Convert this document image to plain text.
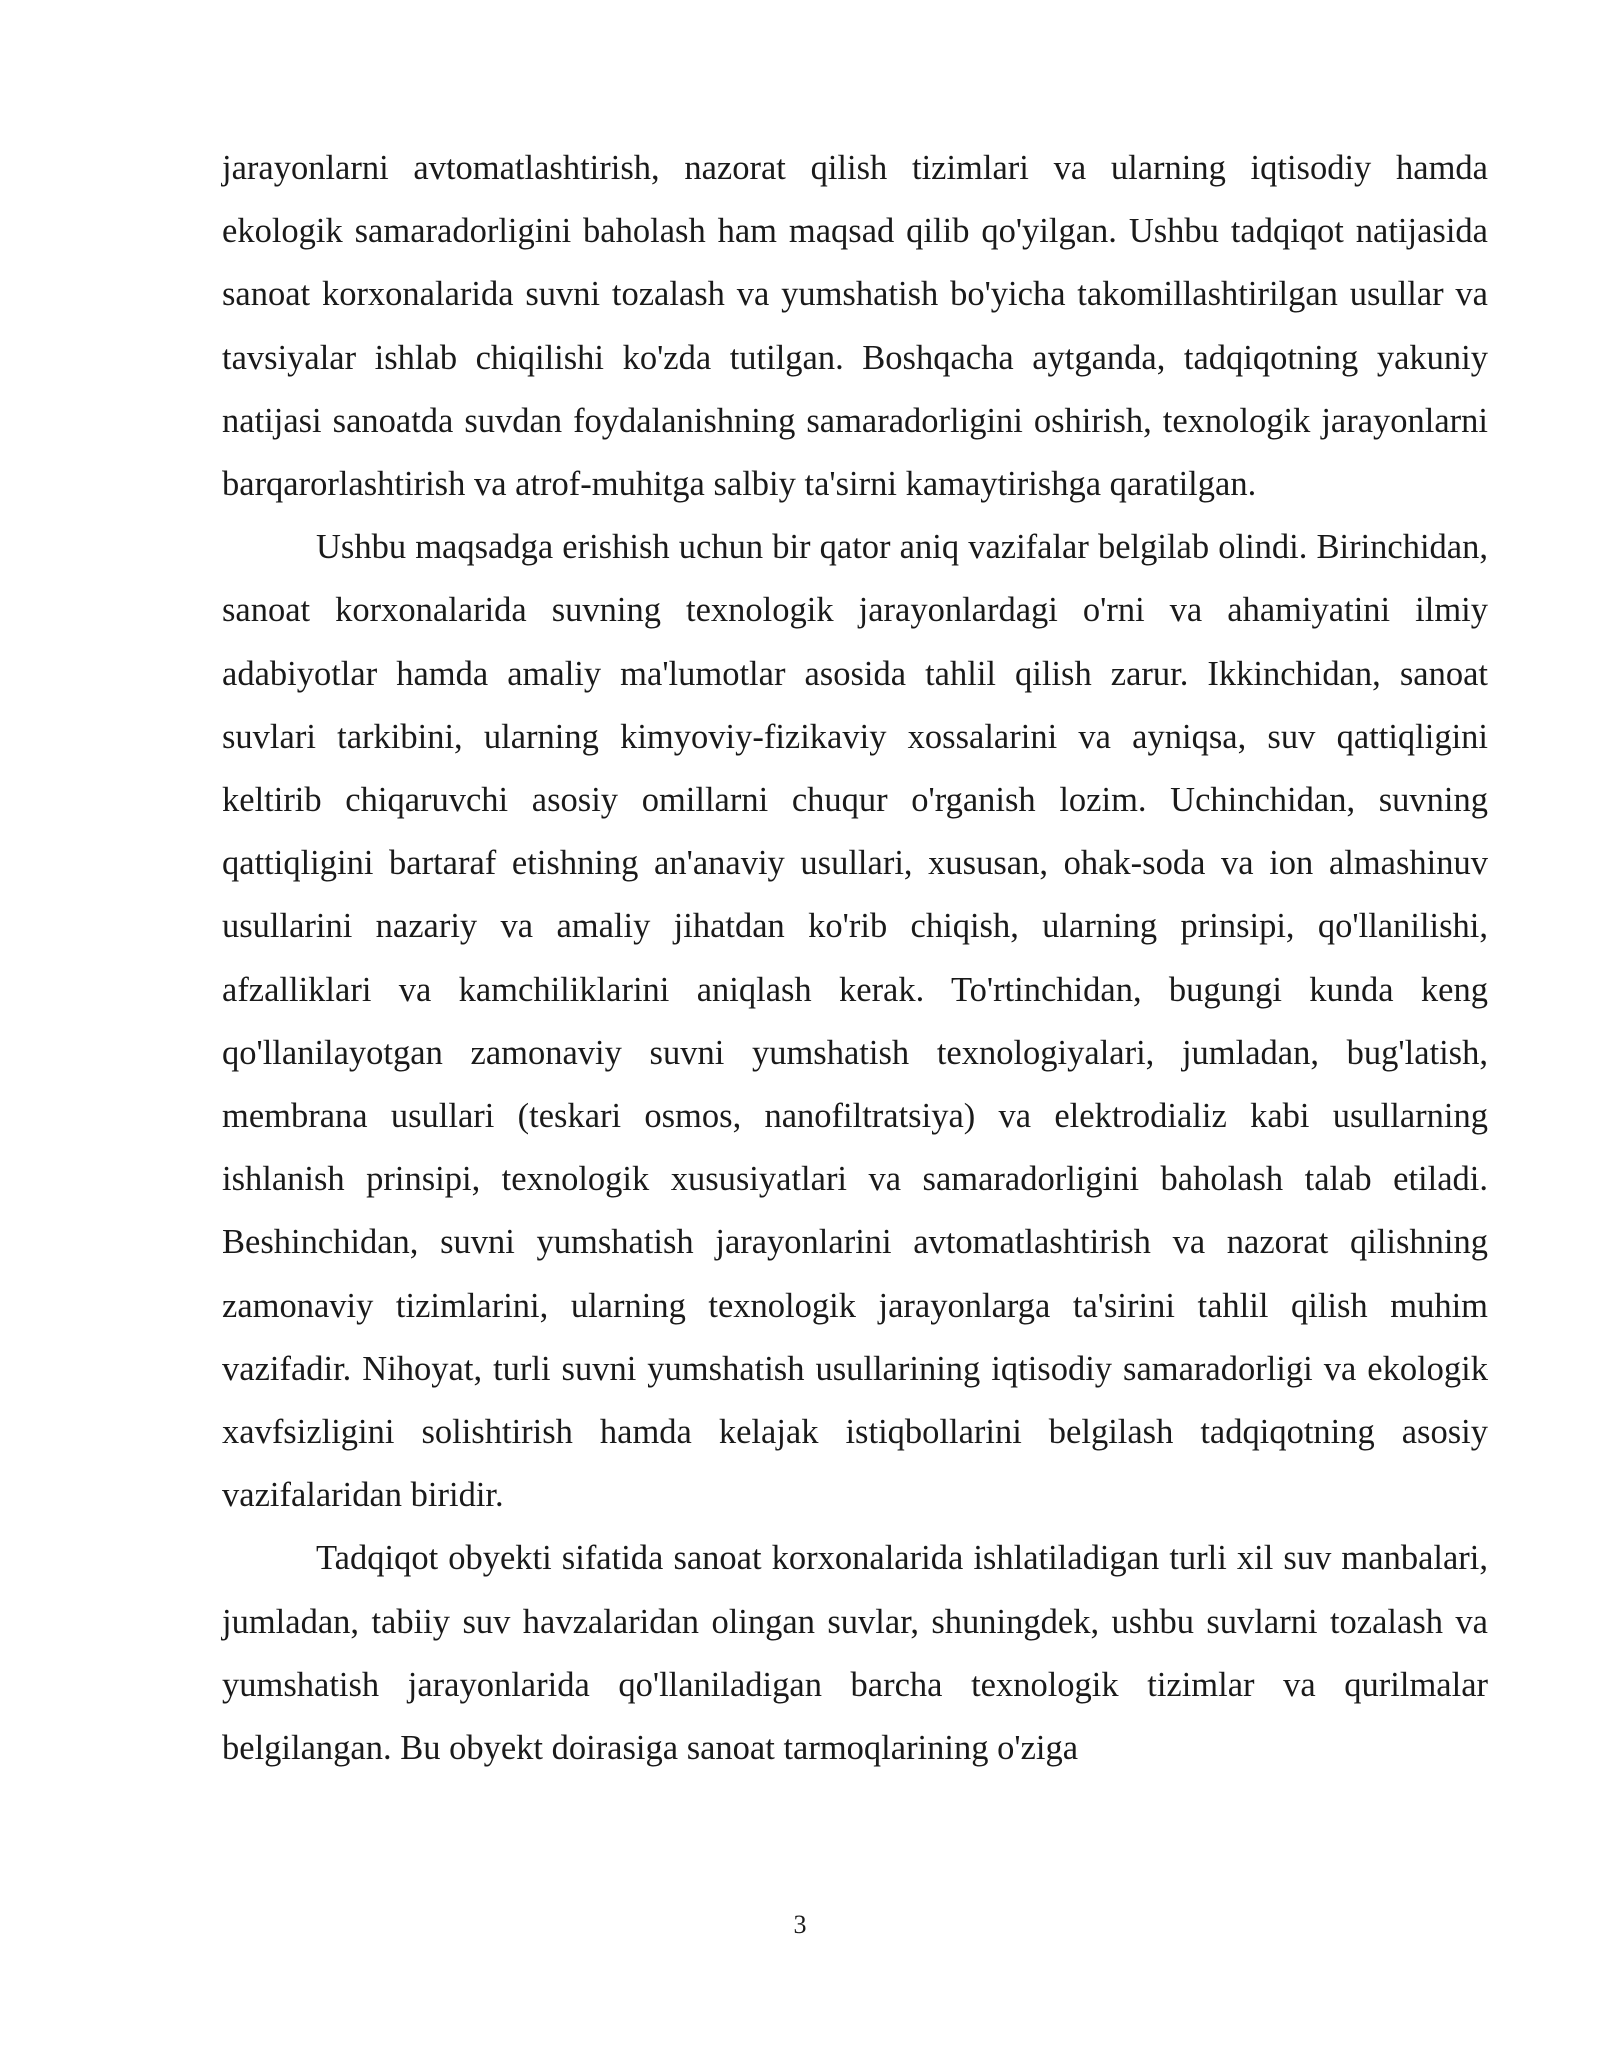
jarayonlarni avtomatlashtirish, nazorat qilish tizimlari va ularning iqtisodiy hamda ekologik samaradorligini baholash ham maqsad qilib qo'yilgan. Ushbu tadqiqot natijasida sanoat korxonalarida suvni tozalash va yumshatish bo'yicha takomillashtirilgan usullar va tavsiyalar ishlab chiqilishi ko'zda tutilgan. Boshqacha aytganda, tadqiqotning yakuniy natijasi sanoatda suvdan foydalanishning samaradorligini oshirish, texnologik jarayonlarni barqarorlashtirish va atrof-muhitga salbiy ta'sirni kamaytirishga qaratilgan.

Ushbu maqsadga erishish uchun bir qator aniq vazifalar belgilab olindi. Birinchidan, sanoat korxonalarida suvning texnologik jarayonlardagi o'rni va ahamiyatini ilmiy adabiyotlar hamda amaliy ma'lumotlar asosida tahlil qilish zarur. Ikkinchidan, sanoat suvlari tarkibini, ularning kimyoviy-fizikaviy xossalarini va ayniqsa, suv qattiqligini keltirib chiqaruvchi asosiy omillarni chuqur o'rganish lozim. Uchinchidan, suvning qattiqligini bartaraf etishning an'anaviy usullari, xususan, ohak-soda va ion almashinuv usullarini nazariy va amaliy jihatdan ko'rib chiqish, ularning prinsipi, qo'llanilishi, afzalliklari va kamchiliklarini aniqlash kerak. To'rtinchidan, bugungi kunda keng qo'llanilayotgan zamonaviy suvni yumshatish texnologiyalari, jumladan, bug'latish, membrana usullari (teskari osmos, nanofiltratsiya) va elektrodializ kabi usullarning ishlanish prinsipi, texnologik xususiyatlari va samaradorligini baholash talab etiladi. Beshinchidan, suvni yumshatish jarayonlarini avtomatlashtirish va nazorat qilishning zamonaviy tizimlarini, ularning texnologik jarayonlarga ta'sirini tahlil qilish muhim vazifadir. Nihoyat, turli suvni yumshatish usullarining iqtisodiy samaradorligi va ekologik xavfsizligini solishtirish hamda kelajak istiqbollarini belgilash tadqiqotning asosiy vazifalaridan biridir.

Tadqiqot obyekti sifatida sanoat korxonalarida ishlatiladigan turli xil suv manbalari, jumladan, tabiiy suv havzalaridan olingan suvlar, shuningdek, ushbu suvlarni tozalash va yumshatish jarayonlarida qo'llaniladigan barcha texnologik tizimlar va qurilmalar belgilangan. Bu obyekt doirasiga sanoat tarmoqlarining o'ziga

3
